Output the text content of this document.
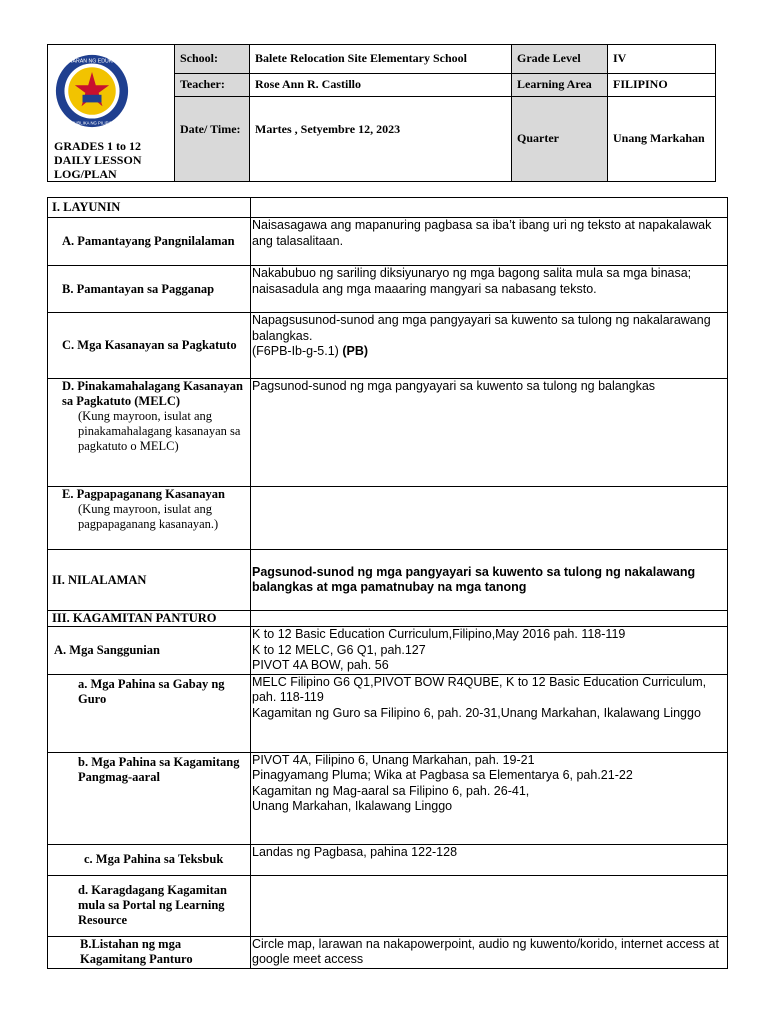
KAGAWARAN NG EDUKASYON
REPUBLIKA NG PILIPINAS
GRADES 1 to 12 DAILY LESSON LOG/PLAN	School:	Balete Relocation Site Elementary School	Grade Level	IV
	Teacher:	Rose Ann R. Castillo	Learning Area	FILIPINO
	Date/ Time:	Martes , Setyembre 12, 2023	Quarter	Unang Markahan
I. LAYUNIN	

A. Pamantayang Pangnilalaman	Naisasagawa ang mapanuring pagbasa sa iba’t ibang uri ng teksto at napakalawak ang talasalitaan.

B. Pamantayan sa Pagganap	Nakabubuo ng sariling diksiyunaryo ng mga bagong salita mula sa mga binasa; naisasadula ang mga maaaring mangyari sa nabasang teksto.

C. Mga Kasanayan sa Pagkatuto	Napagsusunod-sunod ang mga pangyayari sa kuwento sa tulong ng nakalarawang balangkas.
(F6PB-Ib-g-5.1) (PB)

D. Pinakamahalagang Kasanayan sa Pagkatuto (MELC)
(Kung mayroon, isulat ang pinakamahalagang kasanayan sa pagkatuto o MELC)	Pagsunod-sunod ng mga pangyayari sa kuwento sa tulong ng balangkas

E. Pagpapaganang Kasanayan
(Kung mayroon, isulat ang pagpapaganang kasanayan.)	

II. NILALAMAN	Pagsunod-sunod ng mga pangyayari sa kuwento sa tulong ng nakalawang balangkas at mga pamatnubay na mga tanong
III. KAGAMITAN PANTURO	

A. Mga Sanggunian	K to 12 Basic Education Curriculum,Filipino,May 2016 pah. 118-119
K to 12 MELC, G6 Q1, pah.127
PIVOT 4A BOW, pah. 56

a. Mga Pahina sa Gabay ng Guro	MELC Filipino G6 Q1,PIVOT BOW R4QUBE, K to 12 Basic Education Curriculum, pah. 118-119
Kagamitan ng Guro sa Filipino 6, pah. 20-31,Unang Markahan, Ikalawang Linggo

b. Mga Pahina sa Kagamitang Pangmag-aaral	PIVOT 4A, Filipino 6, Unang Markahan, pah. 19-21
Pinagyamang Pluma; Wika at Pagbasa sa Elementarya 6, pah.21-22
Kagamitan ng Mag-aaral sa Filipino 6, pah. 26-41,
Unang Markahan, Ikalawang Linggo

c. Mga Pahina sa Teksbuk	Landas ng Pagbasa, pahina 122-128

d. Karagdagang Kagamitan mula sa Portal ng Learning Resource	

B.Listahan ng mga Kagamitang Panturo	Circle map, larawan na nakapowerpoint, audio ng kuwento/korido, internet access at google meet access
